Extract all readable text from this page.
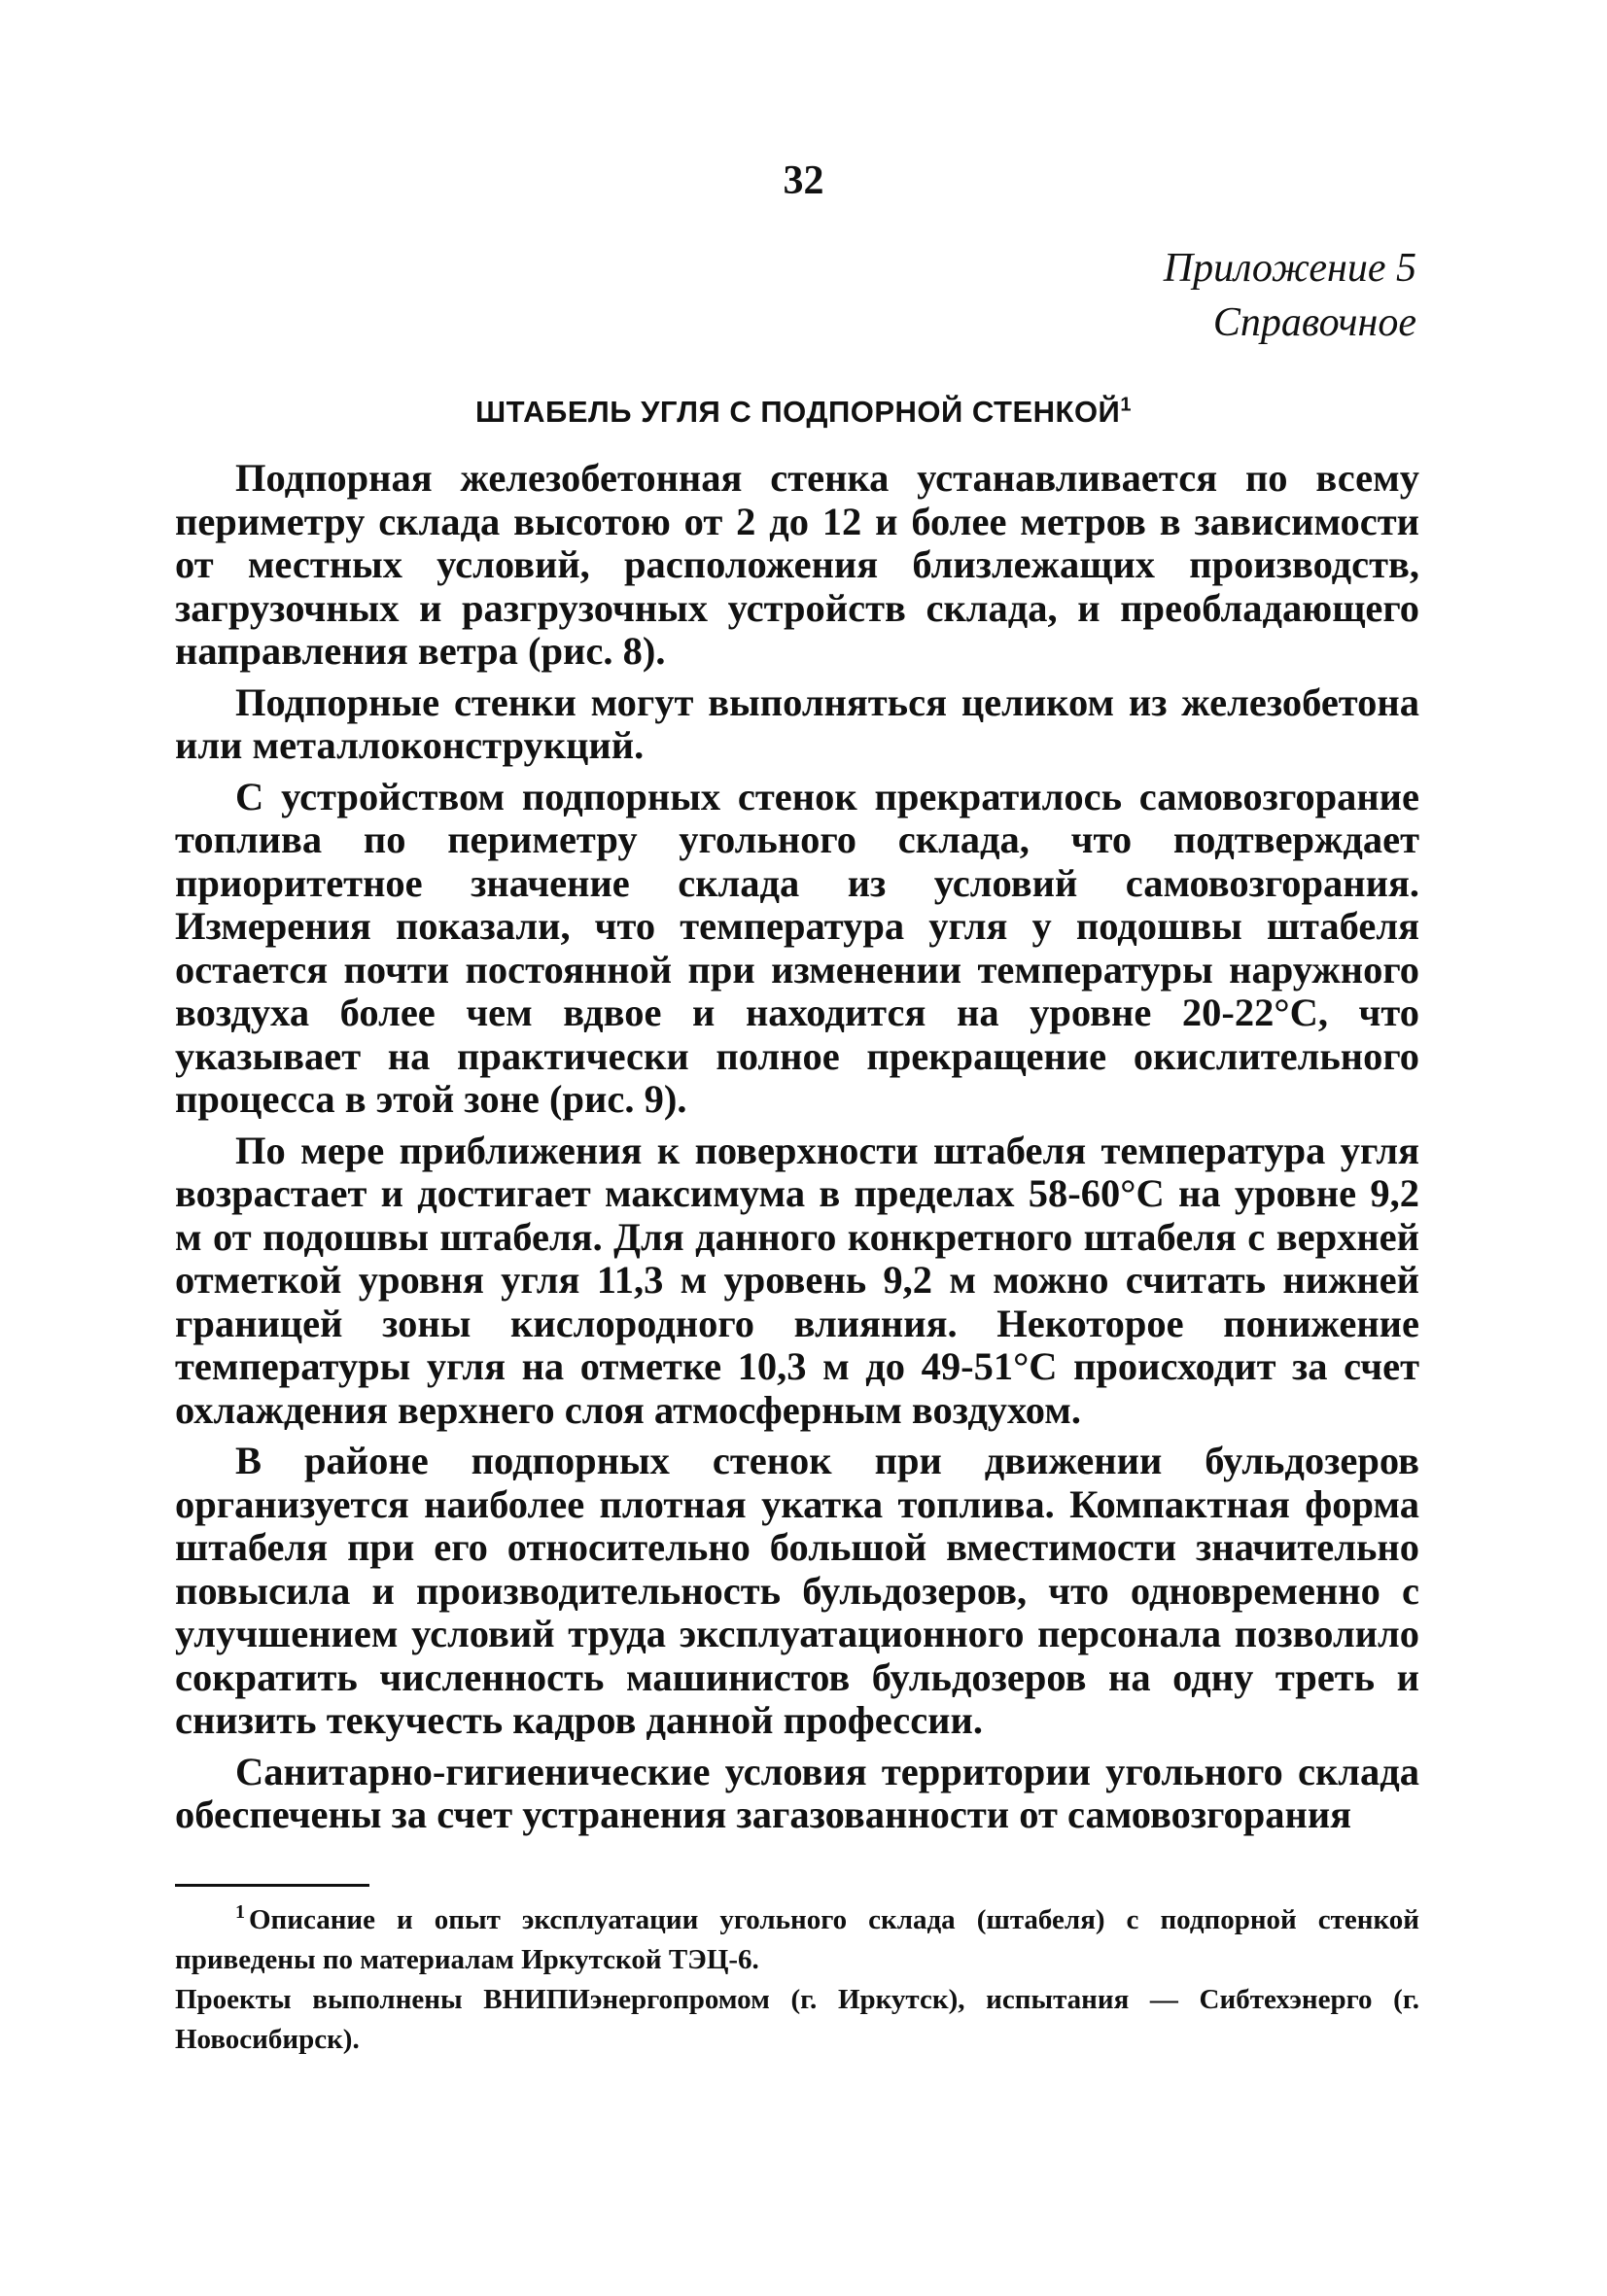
32
Приложение 5
Справочное
ШТАБЕЛЬ УГЛЯ С ПОДПОРНОЙ СТЕНКОЙ$^1$

Подпорная железобетонная стенка устанавливается по всему периметру склада высотою от 2 до 12 и более метров в зависимости от местных условий, расположения близлежащих производств, загрузочных и разгрузочных устройств склада, и преобладающего направления ветра (рис. 8).

Подпорные стенки могут выполняться целиком из железобетона или металлоконструкций.

С устройством подпорных стенок прекратилось самовозгорание топлива по периметру угольного склада, что подтверждает приоритетное значение склада из условий самовозгорания. Измерения показали, что температура угля у подошвы штабеля остается почти постоянной при изменении температуры наружного воздуха более чем вдвое и находится на уровне 20-22°С, что указывает на практически полное прекращение окислительного процесса в этой зоне (рис. 9).

По мере приближения к поверхности штабеля температура угля возрастает и достигает максимума в пределах 58-60°С на уровне 9,2 м от подошвы штабеля. Для данного конкретного штабеля с верхней отметкой уровня угля 11,3 м уровень 9,2 м можно считать нижней границей зоны кислородного влияния. Некоторое понижение температуры угля на отметке 10,3 м до 49-51°С происходит за счет охлаждения верхнего слоя атмосферным воздухом.

В районе подпорных стенок при движении бульдозеров организуется наиболее плотная укатка топлива. Компактная форма штабеля при его относительно большой вместимости значительно повысила и производительность бульдозеров, что одновременно с улучшением условий труда эксплуатационного персонала позволило сократить численность машинистов бульдозеров на одну треть и снизить текучесть кадров данной профессии.

Санитарно-гигиенические условия территории угольного склада обеспечены за счет устранения загазованности от самовозгорания

$^1$ Описание и опыт эксплуатации угольного склада (штабеля) с подпорной стенкой приведены по материалам Иркутской ТЭЦ-6.

Проекты выполнены ВНИПИэнергопромом (г. Иркутск), испытания — Сибтехэнерго (г. Новосибирск).
